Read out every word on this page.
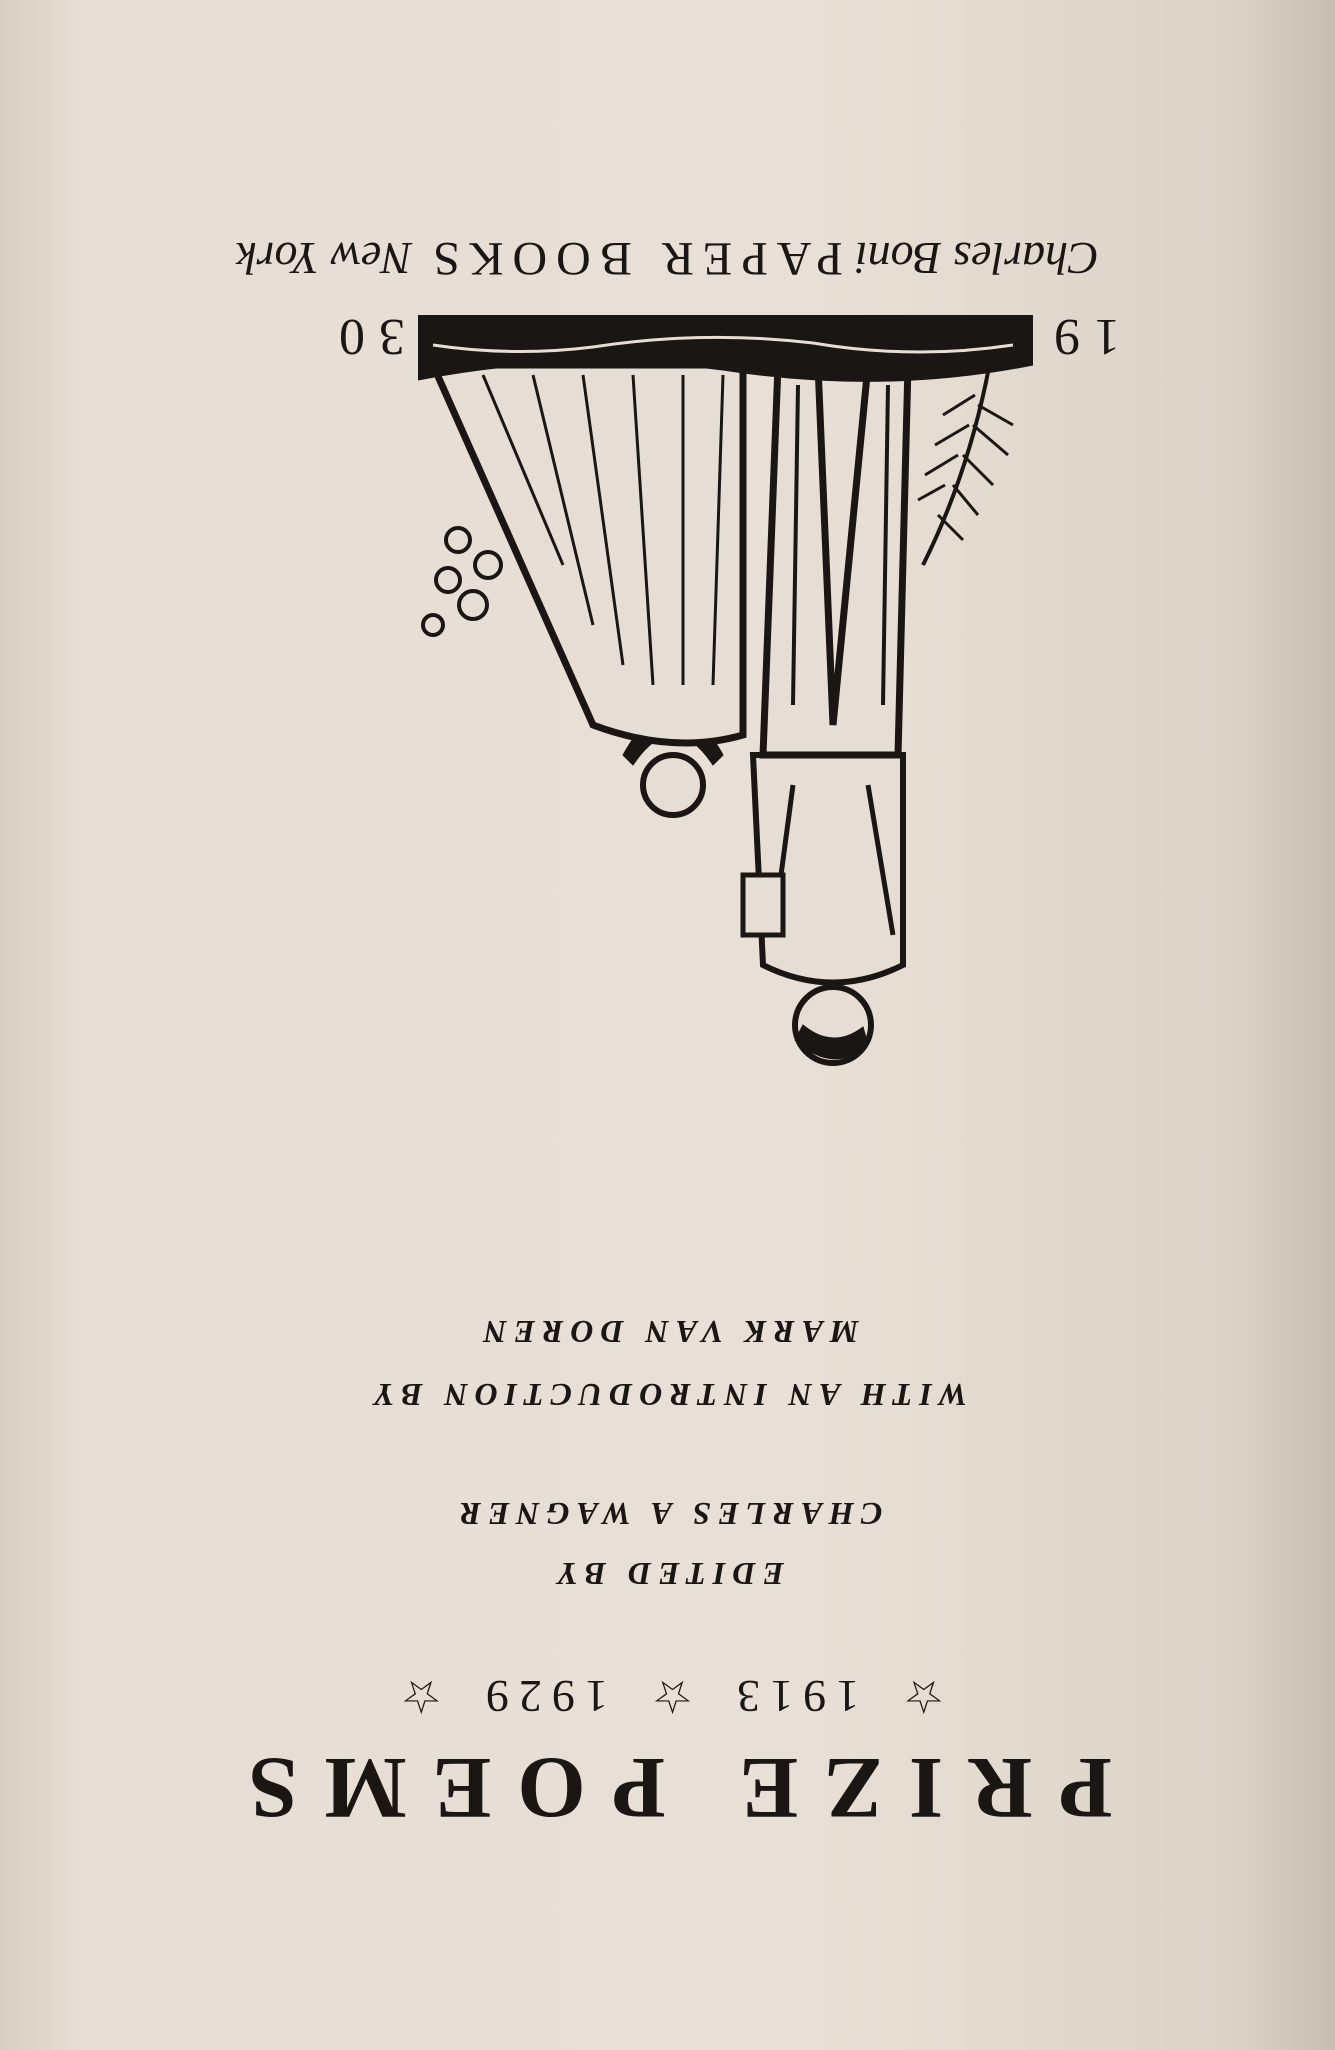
PRIZE POEMS
☆1913☆1929☆
EDITED BY
CHARLES A WAGNER
WITH AN INTRODUCTION BY
MARK VAN DOREN
19
30
Charles BoniPAPER BOOKSNew York
